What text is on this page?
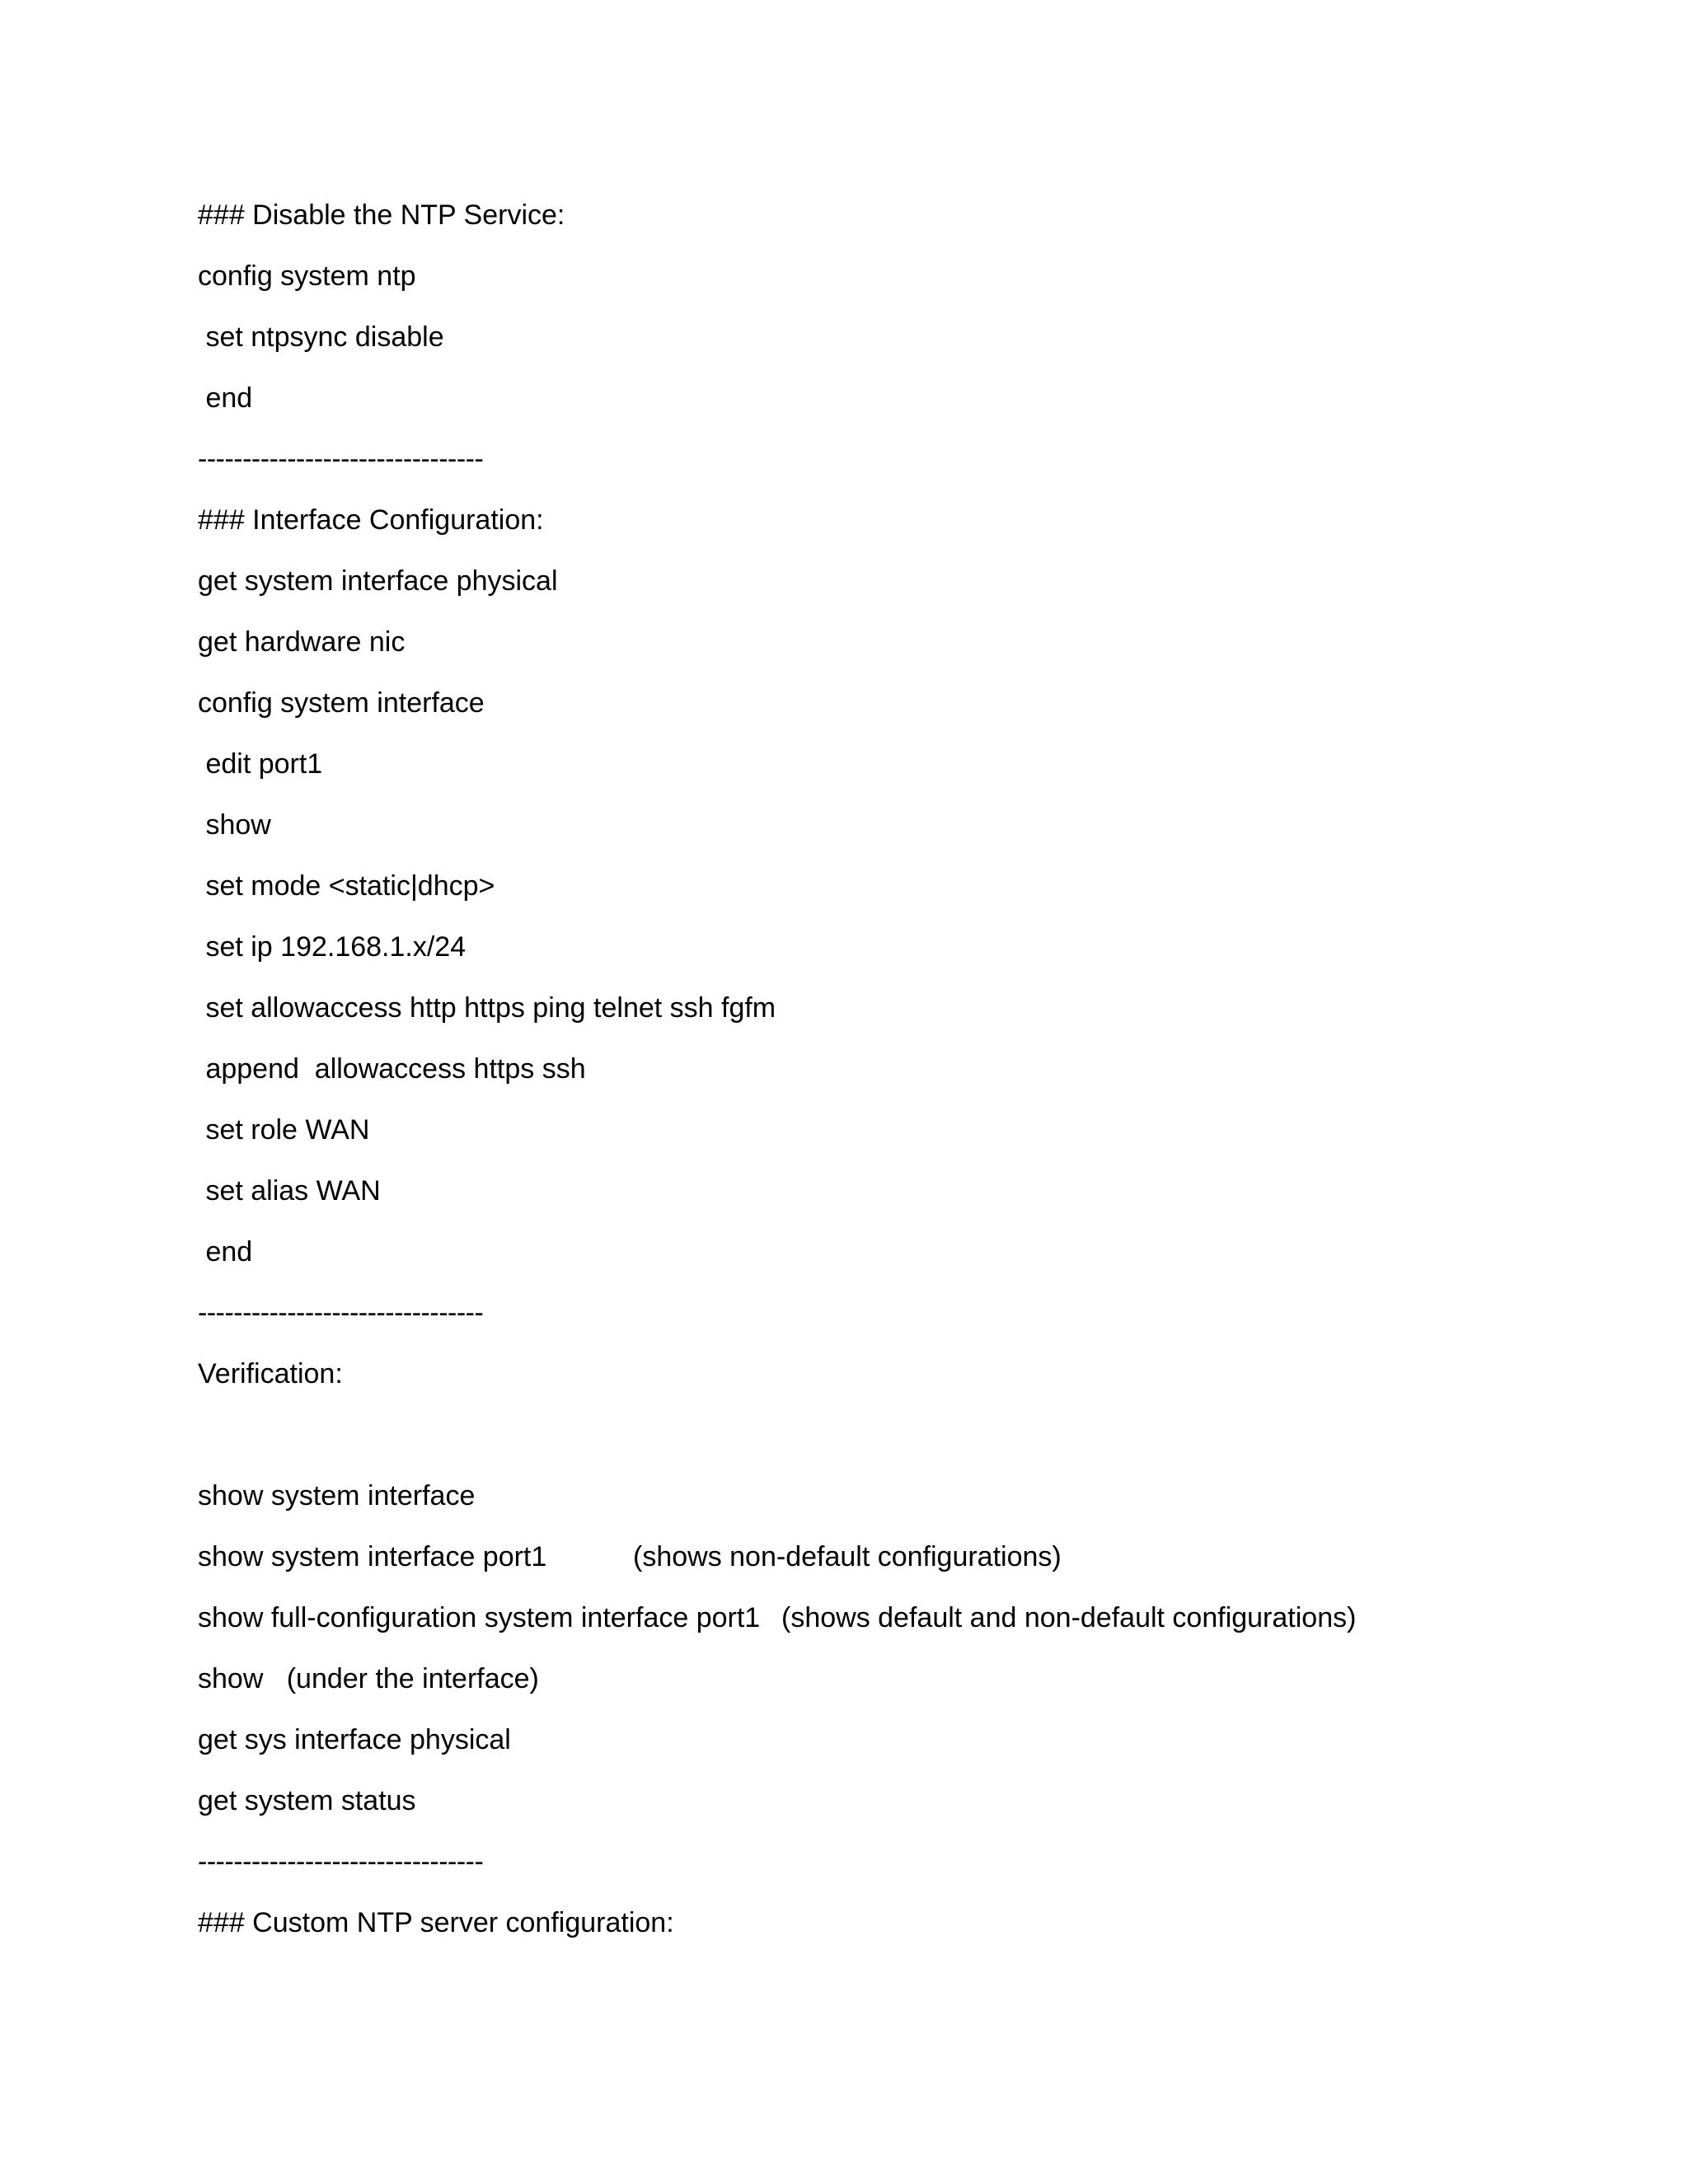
### Disable the NTP Service:
config system ntp
set ntpsync disable
end
--------------------------------
### Interface Configuration:
get system interface physical
get hardware nic
config system interface
edit port1
show
set mode <static|dhcp>
set ip 192.168.1.x/24
set allowaccess http https ping telnet ssh fgfm
append  allowaccess https ssh
set role WAN
set alias WAN
end
--------------------------------
Verification:
show system interface
show system interface port1	(shows non-default configurations)
show full-configuration system interface port1 (shows default and non-default configurations)
show   (under the interface)
get sys interface physical
get system status
--------------------------------
### Custom NTP server configuration:
